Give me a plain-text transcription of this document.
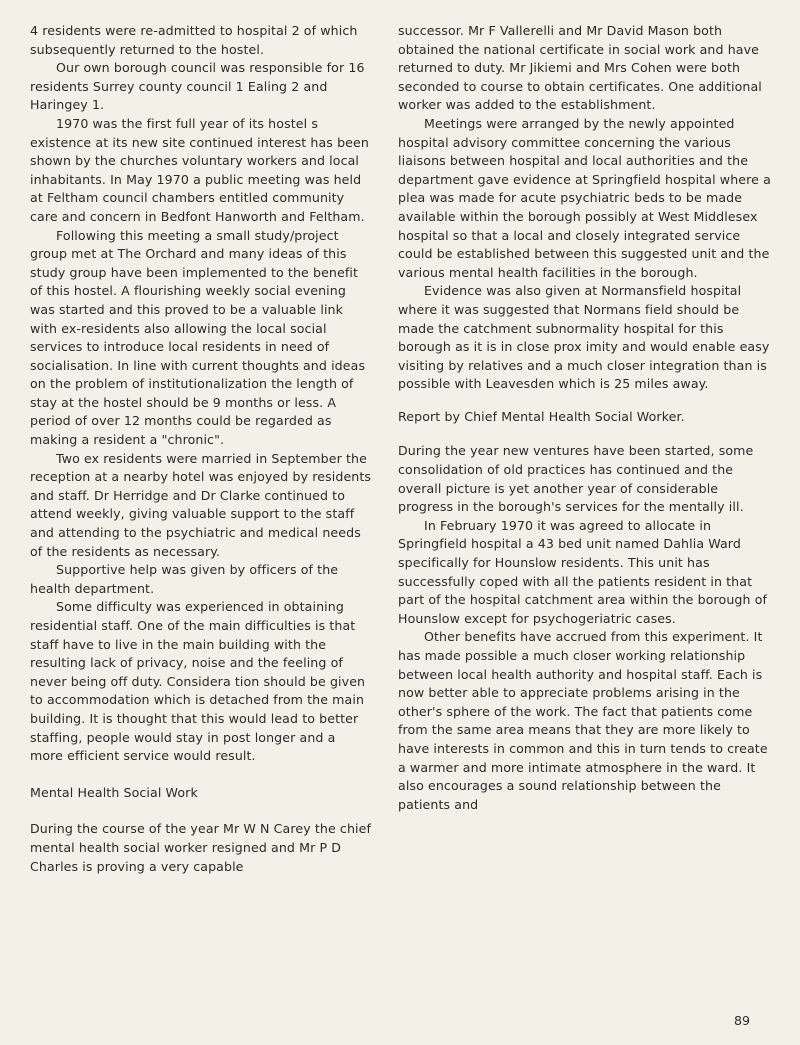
4 residents were re-admitted to hospital 2 of which subsequently returned to the hostel.

Our own borough council was responsible for 16 residents Surrey county council 1 Ealing 2 and Haringey 1.

1970 was the first full year of its hostel s existence at its new site continued interest has been shown by the churches voluntary workers and local inhabitants. In May 1970 a public meeting was held at Feltham council chambers entitled community care and concern in Bedfont Hanworth and Feltham.

Following this meeting a small study/project group met at The Orchard and many ideas of this study group have been implemented to the benefit of this hostel. A flourishing weekly social evening was started and this proved to be a valuable link with ex-residents also allowing the local social services to introduce local residents in need of socialisation. In line with current thoughts and ideas on the problem of institutionalization the length of stay at the hostel should be 9 months or less. A period of over 12 months could be regarded as making a resident a "chronic".

Two ex residents were married in September the reception at a nearby hotel was enjoyed by residents and staff. Dr Herridge and Dr Clarke continued to attend weekly, giving valuable support to the staff and attending to the psychiatric and medical needs of the residents as necessary.

Supportive help was given by officers of the health department.

Some difficulty was experienced in obtaining residential staff. One of the main difficulties is that staff have to live in the main building with the resulting lack of privacy, noise and the feeling of never being off duty. Considera tion should be given to accommodation which is detached from the main building. It is thought that this would lead to better staffing, people would stay in post longer and a more efficient service would result.

Mental Health Social Work

During the course of the year Mr W N Carey the chief mental health social worker resigned and Mr P D Charles is proving a very capable

successor. Mr F Vallerelli and Mr David Mason both obtained the national certificate in social work and have returned to duty. Mr Jikiemi and Mrs Cohen were both seconded to course to obtain certificates. One additional worker was added to the establishment.

Meetings were arranged by the newly appointed hospital advisory committee concerning the various liaisons between hospital and local authorities and the department gave evidence at Springfield hospital where a plea was made for acute psychiatric beds to be made available within the borough possibly at West Middlesex hospital so that a local and closely integrated service could be established between this suggested unit and the various mental health facilities in the borough.

Evidence was also given at Normansfield hospital where it was suggested that Normans field should be made the catchment subnormality hospital for this borough as it is in close prox imity and would enable easy visiting by relatives and a much closer integration than is possible with Leavesden which is 25 miles away.

Report by Chief Mental Health Social Worker.

During the year new ventures have been started, some consolidation of old practices has continued and the overall picture is yet another year of considerable progress in the borough's services for the mentally ill.

In February 1970 it was agreed to allocate in Springfield hospital a 43 bed unit named Dahlia Ward specifically for Hounslow residents. This unit has successfully coped with all the patients resident in that part of the hospital catchment area within the borough of Hounslow except for psychogeriatric cases.

Other benefits have accrued from this experiment. It has made possible a much closer working relationship between local health authority and hospital staff. Each is now better able to appreciate problems arising in the other's sphere of the work. The fact that patients come from the same area means that they are more likely to have interests in common and this in turn tends to create a warmer and more intimate atmosphere in the ward. It also encourages a sound relationship between the patients and

89
